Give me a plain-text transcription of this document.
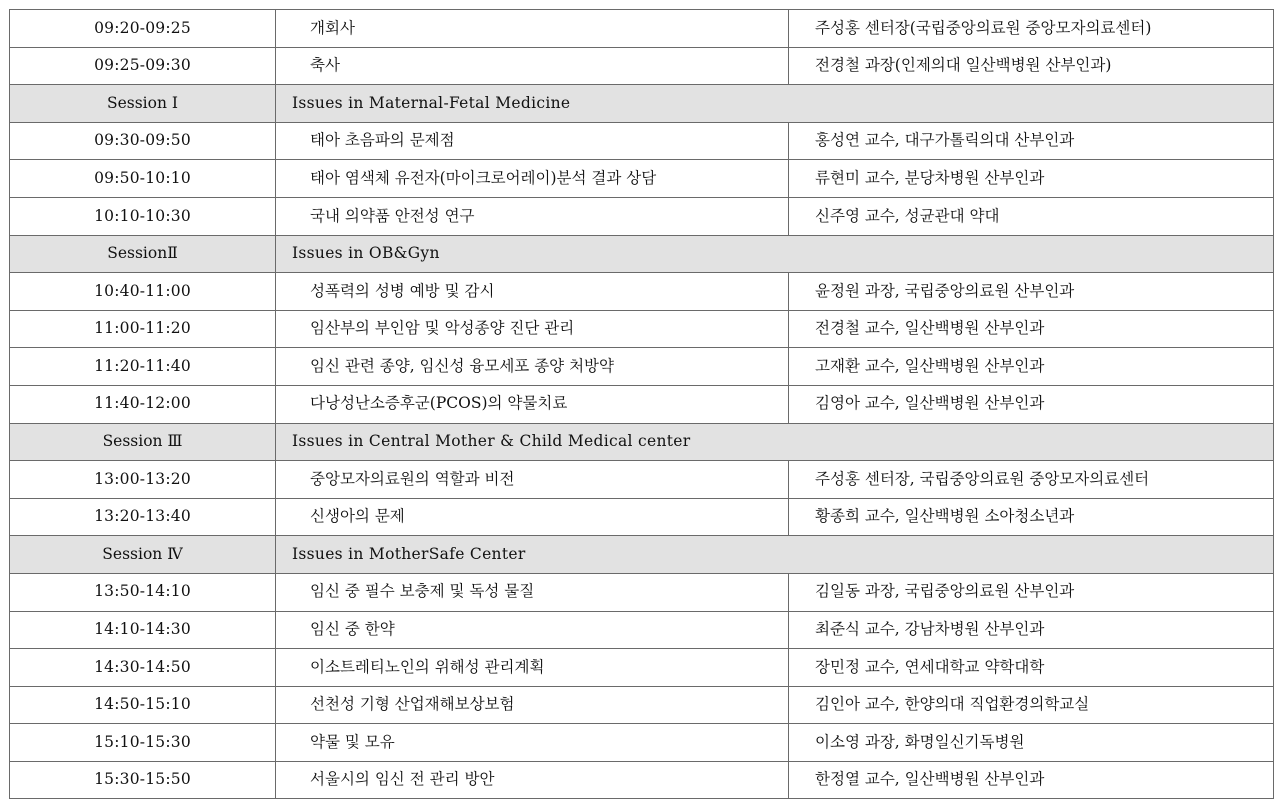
09:20-09:25	개회사	주성홍 센터장(국립중앙의료원 중앙모자의료센터)
09:25-09:30	축사	전경철 과장(인제의대 일산백병원 산부인과)
Session Ⅰ	Issues in Maternal-Fetal Medicine	
09:30-09:50	태아 초음파의 문제점	홍성연 교수, 대구가톨릭의대 산부인과
09:50-10:10	태아 염색체 유전자(마이크로어레이)분석 결과 상담	류현미 교수, 분당차병원 산부인과
10:10-10:30	국내 의약품 안전성 연구	신주영 교수, 성균관대 약대
SessionⅡ	Issues in OB&Gyn	
10:40-11:00	성폭력의 성병 예방 및 감시	윤정원 과장, 국립중앙의료원 산부인과
11:00-11:20	임산부의 부인암 및 악성종양 진단 관리	전경철 교수, 일산백병원 산부인과
11:20-11:40	임신 관련 종양, 임신성 융모세포 종양 처방약	고재환 교수, 일산백병원 산부인과
11:40-12:00	다낭성난소증후군(PCOS)의 약물치료	김영아 교수, 일산백병원 산부인과
Session Ⅲ	Issues in Central Mother & Child Medical center	
13:00-13:20	중앙모자의료원의 역할과 비전	주성홍 센터장, 국립중앙의료원 중앙모자의료센터
13:20-13:40	신생아의 문제	황종희 교수, 일산백병원 소아청소년과
Session Ⅳ	Issues in MotherSafe Center	
13:50-14:10	임신 중 필수 보충제 및 독성 물질	김일동 과장, 국립중앙의료원 산부인과
14:10-14:30	임신 중 한약	최준식 교수, 강남차병원 산부인과
14:30-14:50	이소트레티노인의 위해성 관리계획	장민정 교수, 연세대학교 약학대학
14:50-15:10	선천성 기형 산업재해보상보험	김인아 교수, 한양의대 직업환경의학교실
15:10-15:30	약물 및 모유	이소영 과장, 화명일신기독병원
15:30-15:50	서울시의 임신 전 관리 방안	한정열 교수, 일산백병원 산부인과
